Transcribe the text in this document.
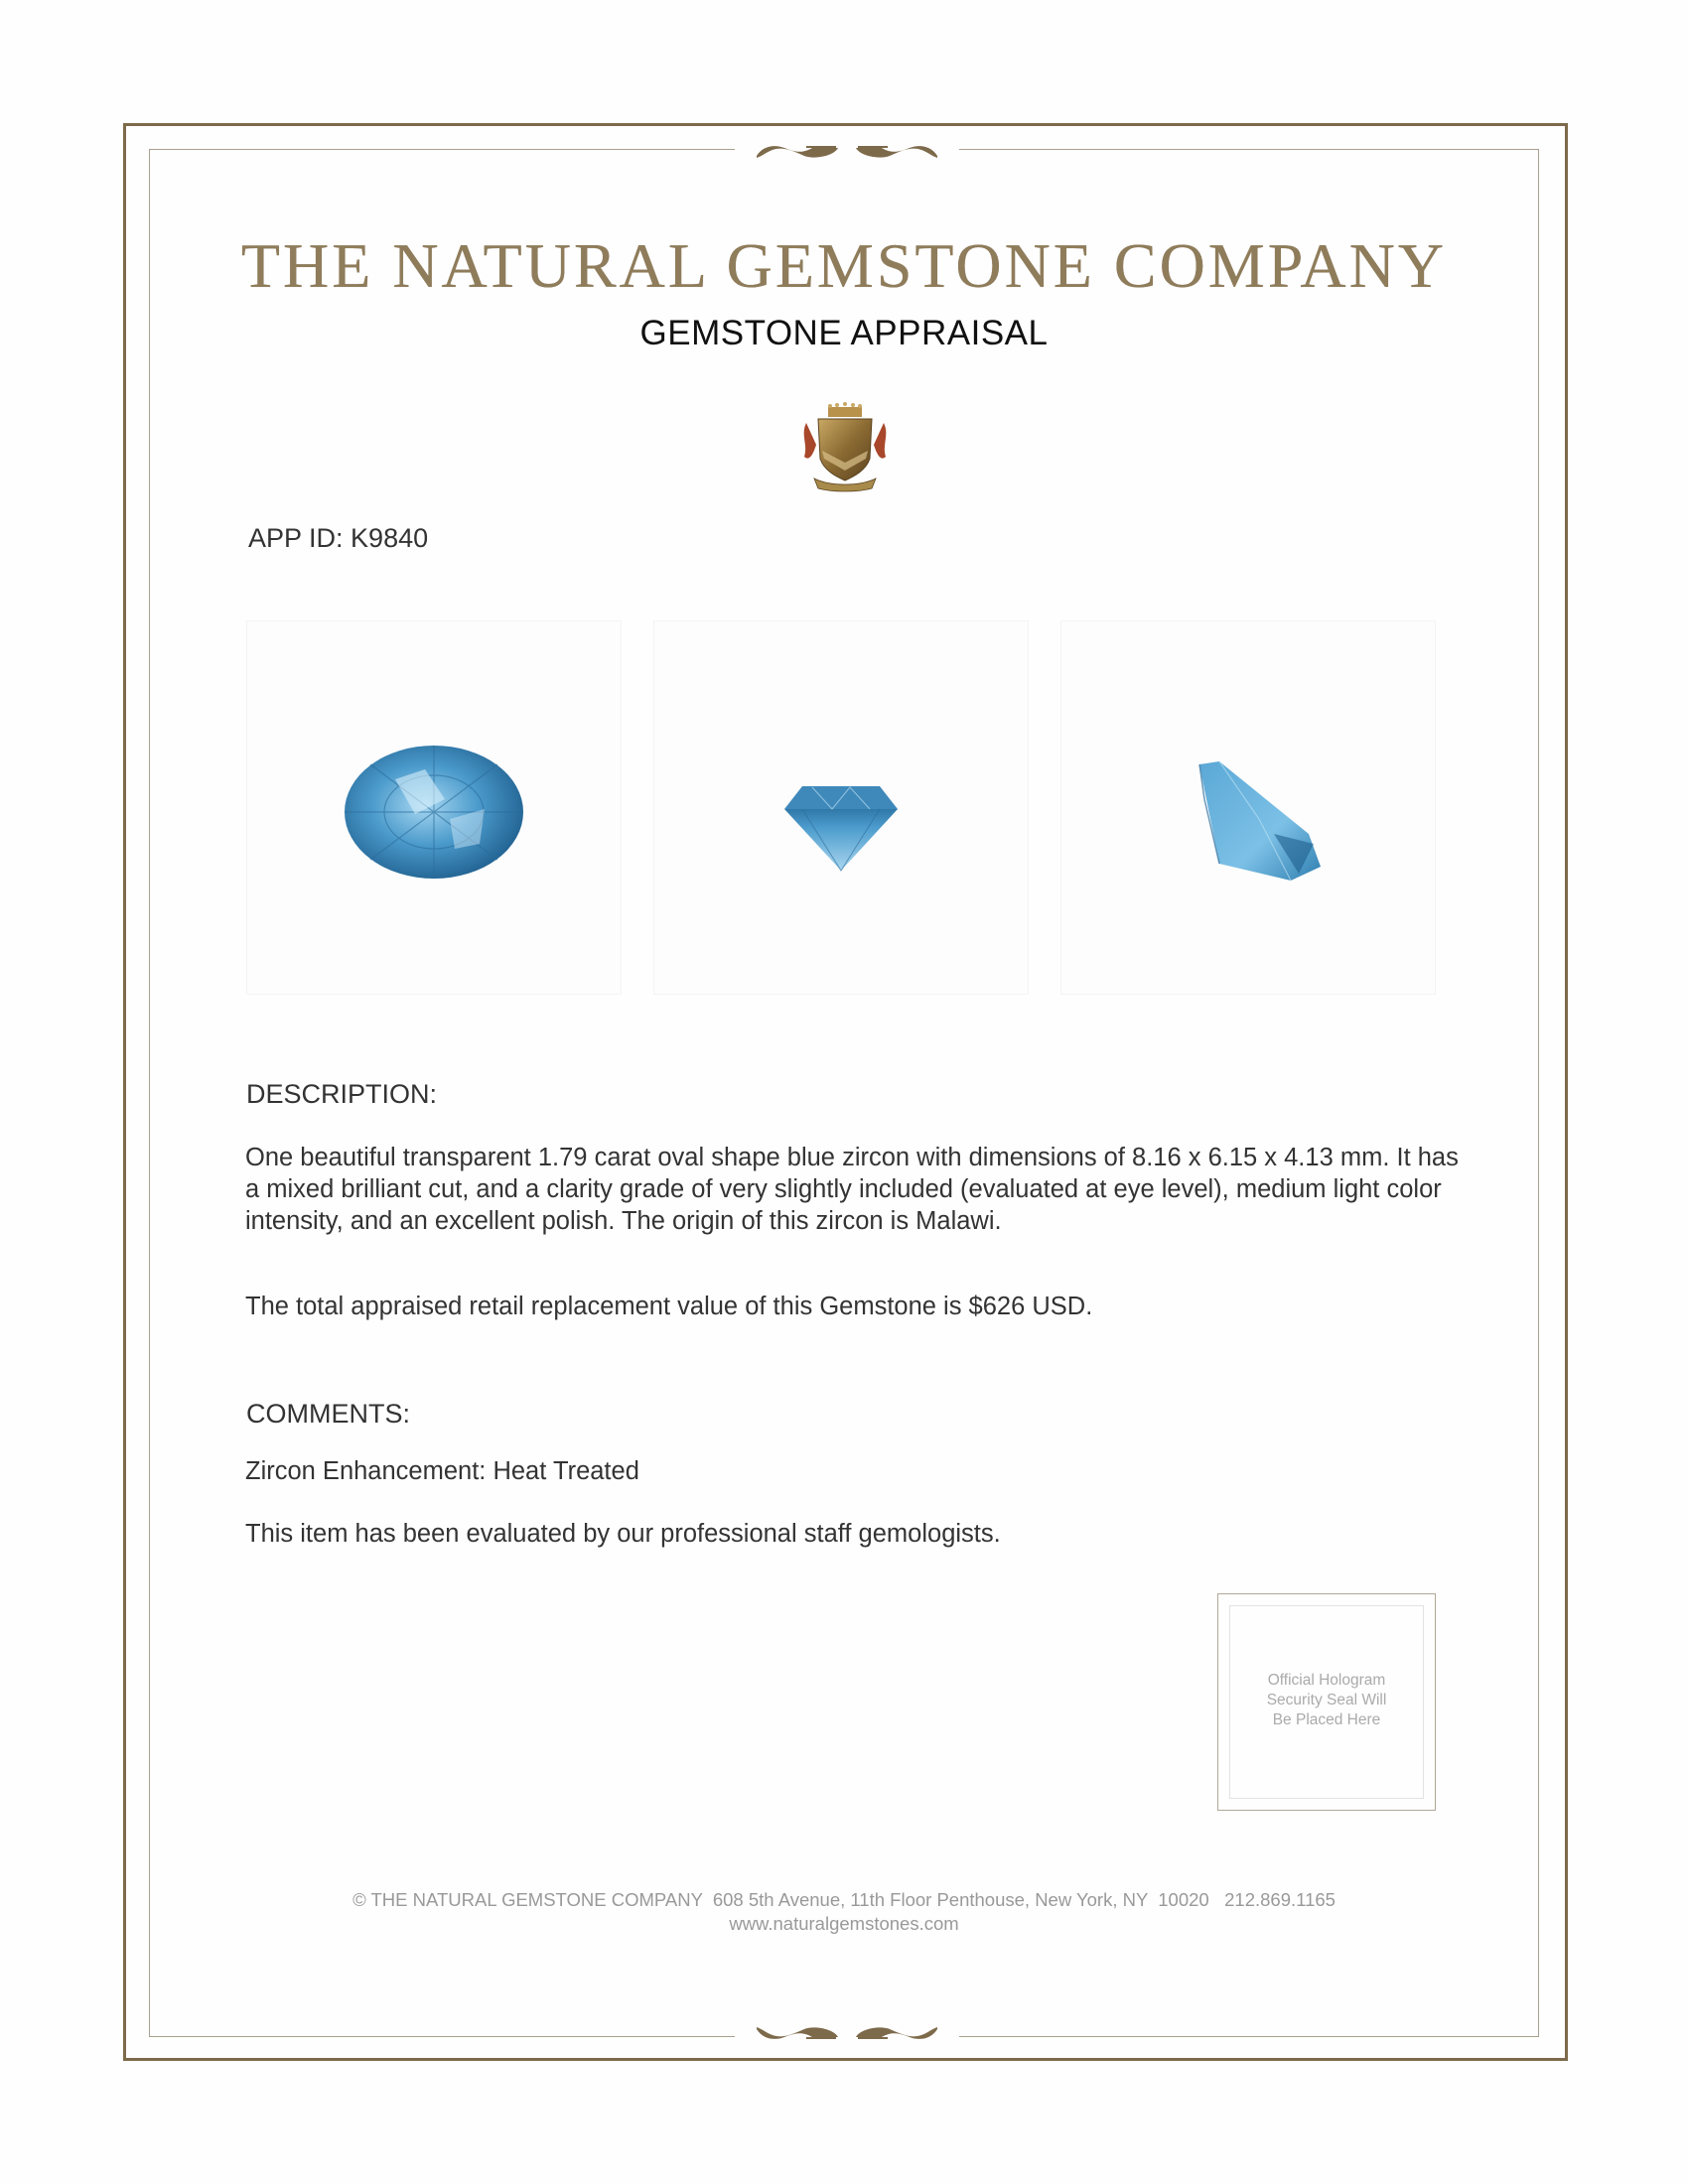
THE NATURAL GEMSTONE COMPANY
GEMSTONE APPRAISAL
APP ID: K9840
DESCRIPTION:
One beautiful transparent 1.79 carat oval shape blue zircon with dimensions of 8.16 x 6.15 x 4.13 mm. It has a mixed brilliant cut, and a clarity grade of very slightly included (evaluated at eye level), medium light color intensity, and an excellent polish. The origin of this zircon is Malawi.
The total appraised retail replacement value of this Gemstone is $626 USD.
COMMENTS:
Zircon Enhancement: Heat Treated
This item has been evaluated by our professional staff gemologists.
Official Hologram
Security Seal Will
Be Placed Here
© THE NATURAL GEMSTONE COMPANY  608 5th Avenue, 11th Floor Penthouse, New York, NY  10020   212.869.1165
www.naturalgemstones.com
